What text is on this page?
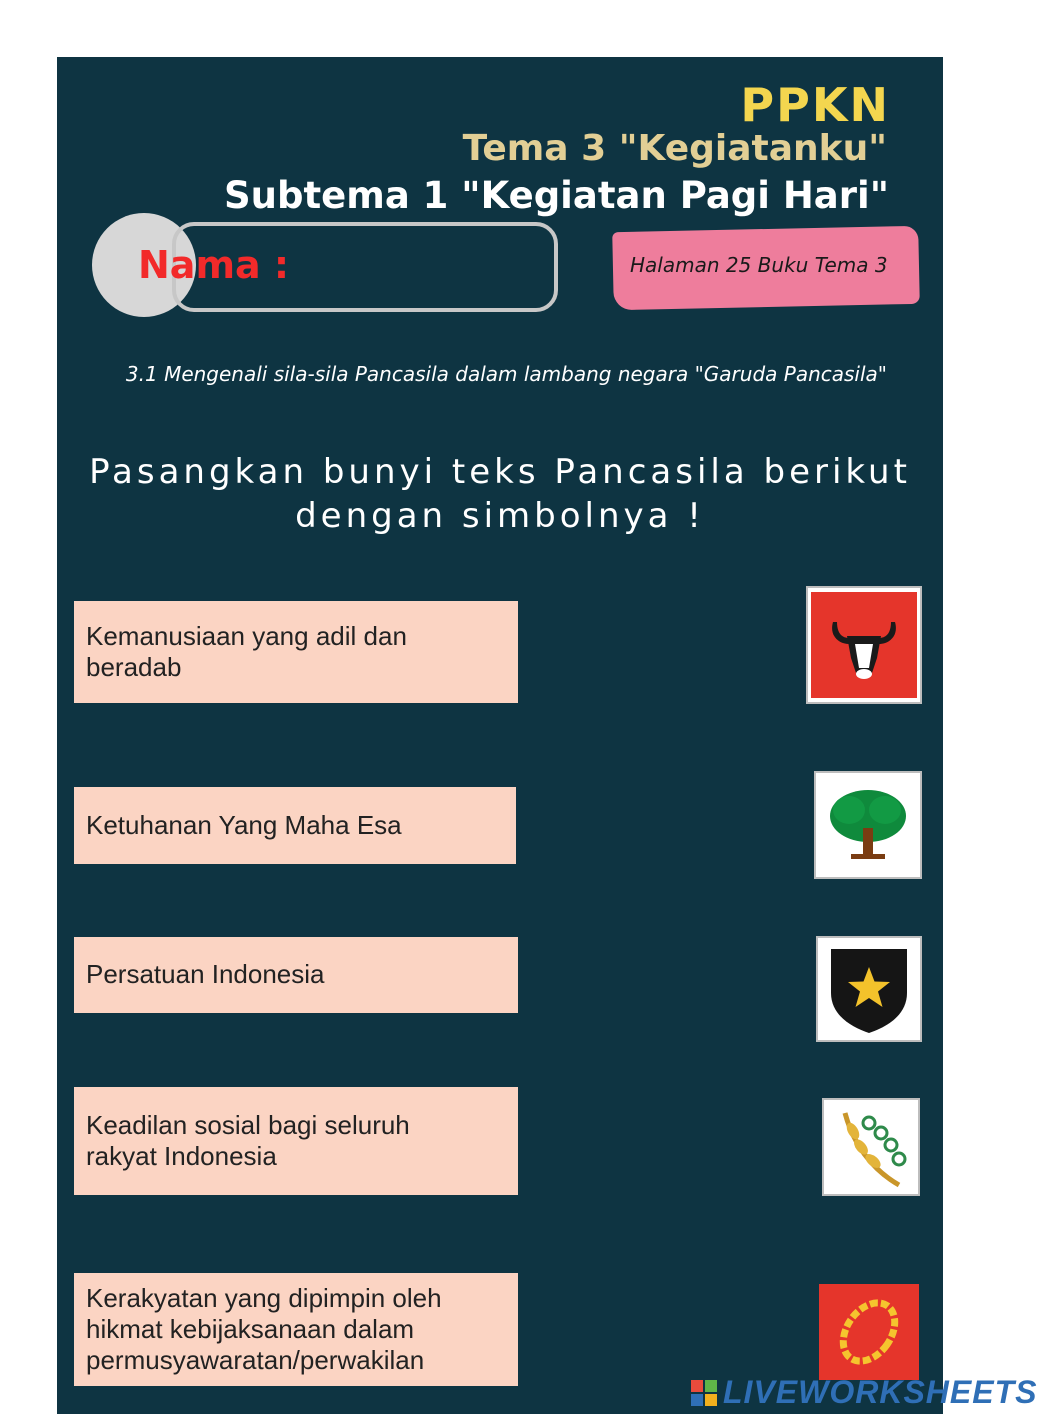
PPKN
Tema 3 "Kegiatanku"
Subtema 1 "Kegiatan Pagi Hari"

Nama :	Halaman 25 Buku Tema 3

3.1 Mengenali sila-sila Pancasila dalam lambang negara "Garuda Pancasila"

Pasangkan bunyi teks Pancasila berikut

dengan simbolnya !

Kemanusiaan yang adil dan
beradab
Ketuhanan Yang Maha Esa
Persatuan Indonesia
Keadilan sosial bagi seluruh
rakyat Indonesia
Kerakyatan yang dipimpin oleh
hikmat kebijaksanaan dalam
permusyawaratan/perwakilan

LIVEWORKSHEETS
